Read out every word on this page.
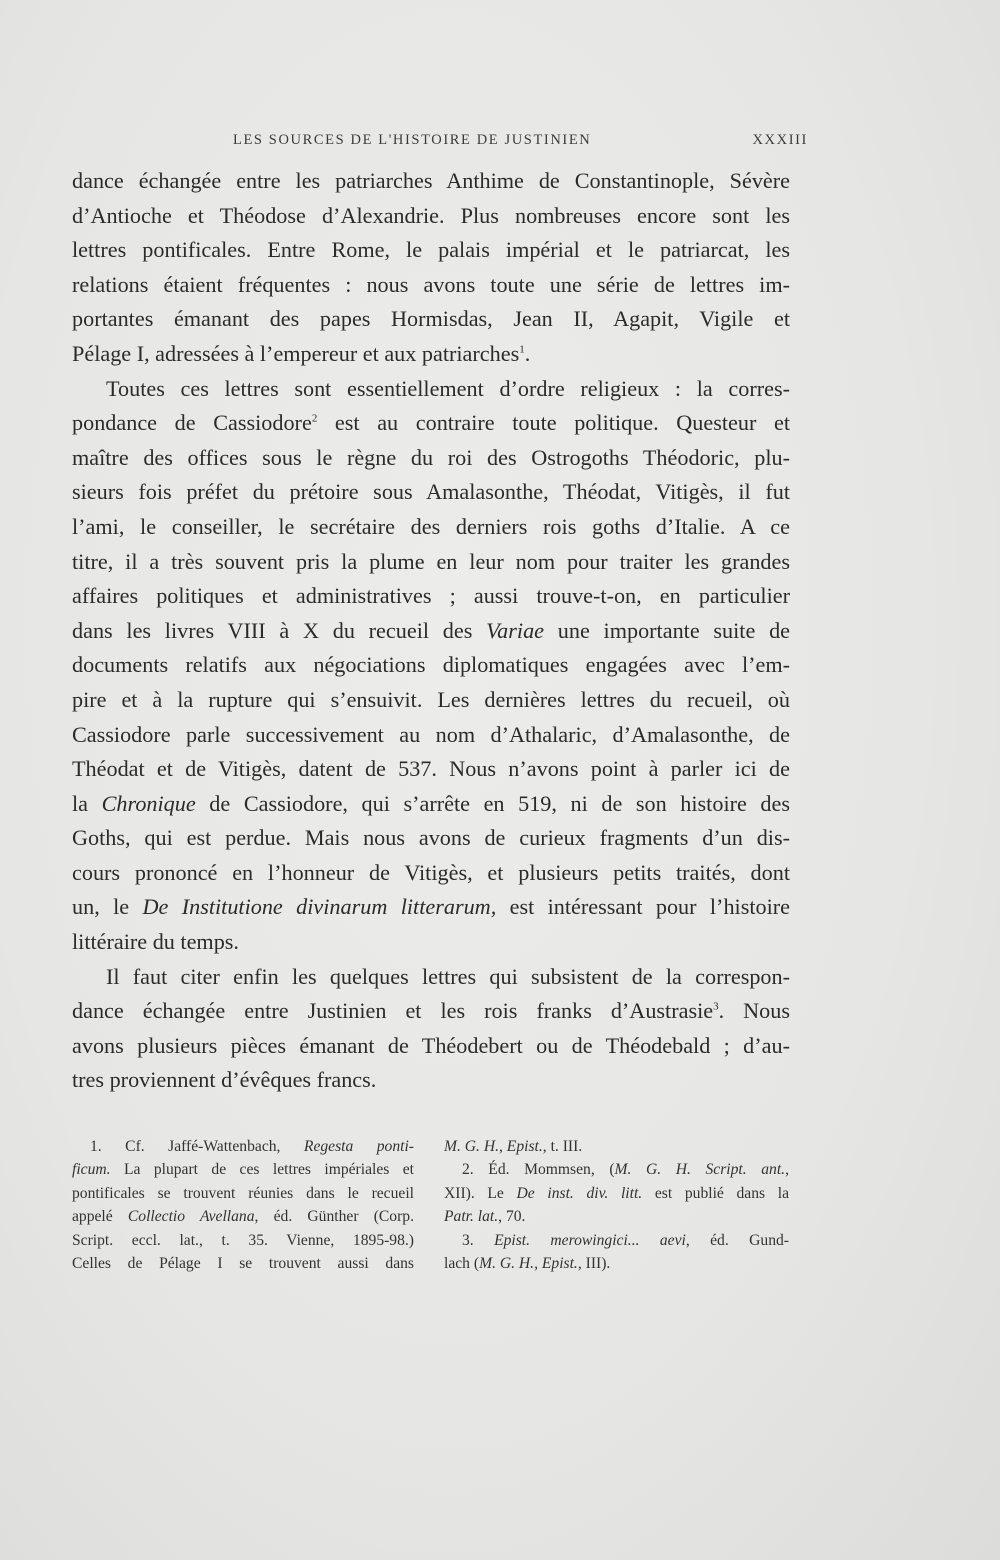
LES SOURCES DE L'HISTOIRE DE JUSTINIEN	XXXIII

dance échangée entre les patriarches Anthime de Constantinople, Sévère

d’Antioche et Théodose d’Alexandrie. Plus nombreuses encore sont les

lettres pontificales. Entre Rome, le palais impérial et le patriarcat, les

relations étaient fréquentes : nous avons toute une série de lettres im-

portantes émanant des papes Hormisdas, Jean II, Agapit, Vigile et

Pélage I, adressées à l’empereur et aux patriarches$^1$.

Toutes ces lettres sont essentiellement d’ordre religieux : la corres-

pondance de Cassiodore$^2$ est au contraire toute politique. Questeur et

maître des offices sous le règne du roi des Ostrogoths Théodoric, plu-

sieurs fois préfet du prétoire sous Amalasonthe, Théodat, Vitigès, il fut

l’ami, le conseiller, le secrétaire des derniers rois goths d’Italie. A ce

titre, il a très souvent pris la plume en leur nom pour traiter les grandes

affaires politiques et administratives ; aussi trouve-t-on, en particulier

dans les livres VIII à X du recueil des Variae une importante suite de

documents relatifs aux négociations diplomatiques engagées avec l’em-

pire et à la rupture qui s’ensuivit. Les dernières lettres du recueil, où

Cassiodore parle successivement au nom d’Athalaric, d’Amalasonthe, de

Théodat et de Vitigès, datent de 537. Nous n’avons point à parler ici de

la Chronique de Cassiodore, qui s’arrête en 519, ni de son histoire des

Goths, qui est perdue. Mais nous avons de curieux fragments d’un dis-

cours prononcé en l’honneur de Vitigès, et plusieurs petits traités, dont

un, le De Institutione divinarum litterarum, est intéressant pour l’histoire

littéraire du temps.

Il faut citer enfin les quelques lettres qui subsistent de la correspon-

dance échangée entre Justinien et les rois franks d’Austrasie$^3$. Nous

avons plusieurs pièces émanant de Théodebert ou de Théodebald ; d’au-

tres proviennent d’évêques francs.

1. Cf. Jaffé-Wattenbach, Regesta ponti-

ficum. La plupart de ces lettres impériales et

pontificales se trouvent réunies dans le recueil

appelé Collectio Avellana, éd. Günther (Corp.

Script. eccl. lat., t. 35. Vienne, 1895-98.)

Celles de Pélage I se trouvent aussi dans

M. G. H., Epist., t. III.

2. Éd. Mommsen, (M. G. H. Script. ant.,

XII). Le De inst. div. litt. est publié dans la

Patr. lat., 70.

3. Epist. merowingici... aevi, éd. Gund-

lach (M. G. H., Epist., III).
